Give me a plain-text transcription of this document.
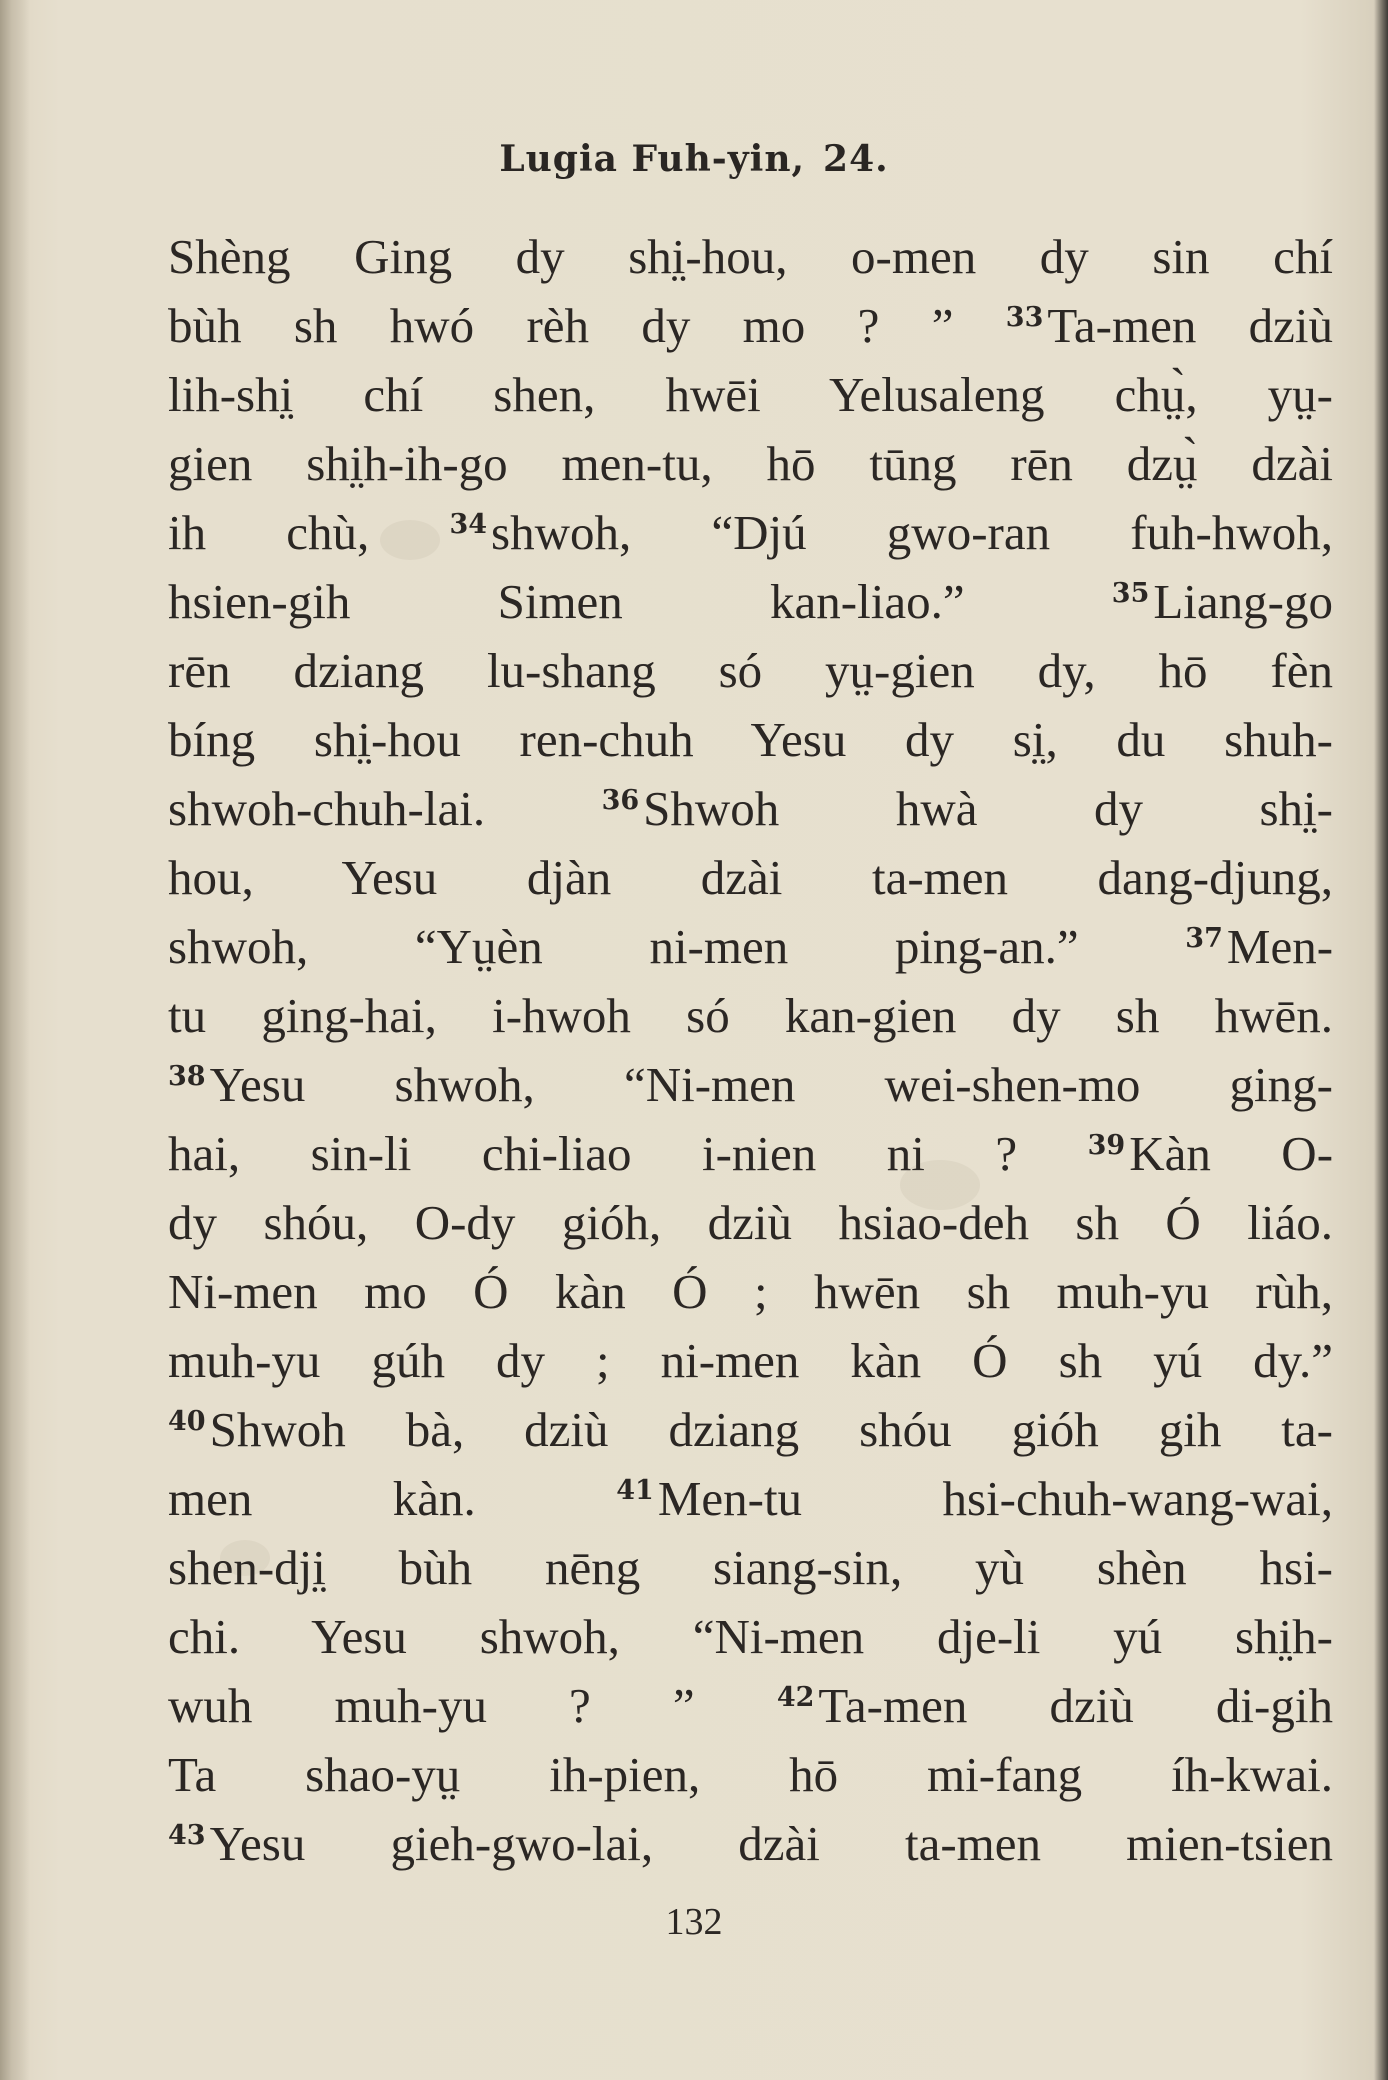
Lugia Fuh-yin, 24.
Shèng Ging dy shi̤-hou, o-men dy sin chí
bùh sh hwó rèh dy mo ? ” $^{33}$Ta-men dziù
lih-shi̤ chí shen, hwēi Yelusaleng chṳ̀, yṳ-
gien shi̤h-ih-go men-tu, hō tūng rēn dzṳ̀ dzài
ih chù,	$^{34}$shwoh, “Djú gwo-ran fuh-hwoh,
hsien-gih Simen kan-liao.”	$^{35}$Liang-go
rēn dziang lu-shang só yṳ-gien dy, hō fèn
bíng shi̤-hou ren-chuh Yesu dy si̤, du shuh-
shwoh-chuh-lai.	$^{36}$Shwoh hwà dy shi̤-
hou, Yesu djàn dzài ta-men dang-djung,
shwoh, “Yṳèn ni-men ping-an.”	$^{37}$Men-
tu ging-hai, i-hwoh só kan-gien dy sh hwēn.
$^{38}$Yesu shwoh, “Ni-men wei-shen-mo ging-
hai, sin-li chi-liao i-nien ni ?	$^{39}$Kàn O-
dy shóu, O-dy gióh, dziù hsiao-deh sh Ó liáo.
Ni-men mo Ó kàn Ó ; hwēn sh muh-yu rùh,
muh-yu gúh dy ; ni-men kàn Ó sh yú dy.”
$^{40}$Shwoh bà, dziù dziang shóu gióh gih ta-
men kàn.	$^{41}$Men-tu hsi-chuh-wang-wai,
shen-dji̤ bùh nēng siang-sin, yù shèn hsi-
chi. Yesu shwoh, “Ni-men dje-li yú shi̤h-
wuh muh-yu ? ”	$^{42}$Ta-men dziù di-gih
Ta shao-yṳ ih-pien, hō mi-fang íh-kwai.
$^{43}$Yesu gieh-gwo-lai, dzài ta-men mien-tsien
132
